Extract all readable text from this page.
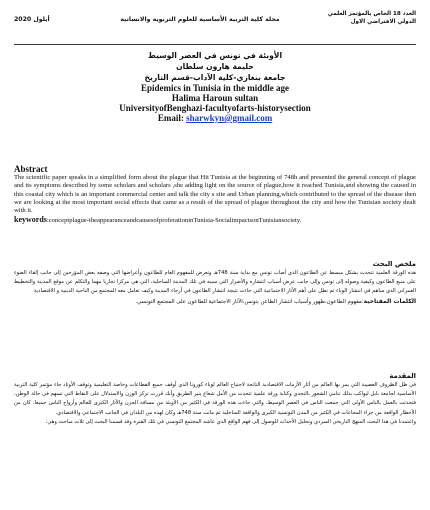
العدد 18 الخاص بالمؤتمر العلمي
الدولي الافتراضي الاول
مجلة كلية التربية الأساسية للعلوم التربوية والانسانية
أيلول 2020
الأوبئة في تونس في العصر الوسيط
حليمة هارون سلطان
جامعة بنغازي-كلية الآداب-قسم التاريخ
Epidemics in Tunisia in the middle age
Halima Haroun sultan
UniversityofBenghazi-facultyofarts-historysection
Email: sharwkyn@gmail.com
Abstract
The scientific paper speaks in a simplified form about the plague that Hit Tunisia at the beginning of 748h and presented the general concept of plague and its symptoms described by some scholars and scholars ,she adding light on the source of plague,how it reached Tunisia,and showing the caused in this coastal city which is an important commercial center and talk the city s site and Urban planning,which contributed to the spread of the disease then we are looking at the most important social effects that came as a result of the spread of plague throughout the city and how the Tunisian society dealt with it.
keywords:conceptplague-theappearanceandcausesofproferationinTunisia-SocialimpactsonTunisiansociety.
ملخص البحث
هذه الورقة العلمية تتحدث بشكل مبسط عن الطاعون الذي أصاب تونس مع بداية سنة 748هـ وتعرض للمفهوم العام للطاعون وأعراضها التي وصفه بعض المؤرخين إلى جانب إلقاء الضوء على منبع الطاعون وكيفية وصوله إلى تونس وإلى جانب عرض أسباب انتشاره والأضرار التي سببه في تلك المدينة الساحلية، التي هي مركزا تجاريا مهما والتكلم عن موقع المدينة والتخطيط العمراني الذي ساهم في انتشار الوباء ثم نطل على أهم الآثار الاجتماعية التي جاءت نتيجة انتشار الطاعون في أرجاء المدينة وكيف تعامل معه المجتمع من الناحية الدينية و الاقتصادية
الكلمات المفتاحية:مفهوم الطاعون،ظهور وأسباب انتشار الطاعن بتونس،الآثار الاجتماعية للطاعون على المجتمع التونسي.
المقدمة
في ظل الظروف العصيبة التي يمر بها العالم من آثار الأزمات الاقتصادية الناتجة لاجتياح العالم لوباء كورونا الذي أوقف جميع القطاعات وخاصة التعليمية وتوقف الأوتاد جاء مؤتمر كلية التربية الأساسية لجامعة بابل ليواكب بذلك تنامي الشعور بالتحدي وكتابة ورقة علمية تتحدث من الأمل شعاع ينير الطريق وأنك قررت تركز الوزن والاستدلال على النقاط التي تسهم في حالة الوطن، فتحدثت بالعمل بالناس الأولى التي جمعت الناس في العصر الوسيط، والتي جاءت هذه الورقة في الكثير من الأوبئة من مسافة الحزن والآثار الكبرى للعالم وأرواح الناس جميعا، كان من الأخطار الواقعة من جراء المجاعات في الكثير من المدن التونسية الكبرى والواقعة الساحلية ثم ماتت سنة 748هـ وكان لهذه من البلدان في الجانب الاجتماعي والاقتصادي.
واعتمدنا في هذا البحث المنهج التاريخي السردي وتحليل الأحداث للوصول إلى فهم الواقع الذي عاشه المجتمع التونسي في تلك الفترة وقد قسمنا البحث إلى ثلاث مباحث وهي:
